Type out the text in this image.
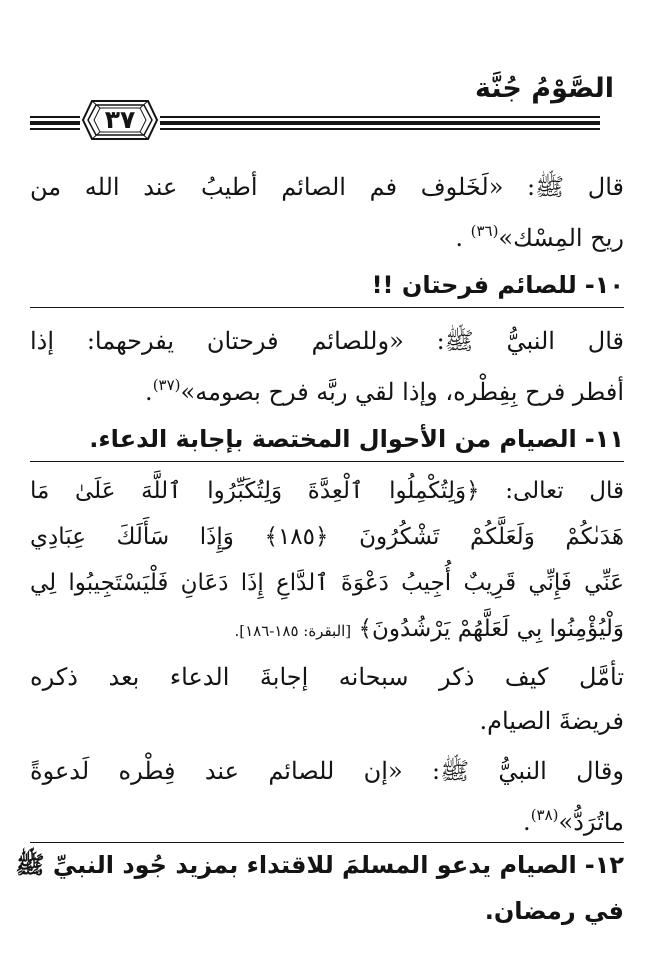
الصَّوْمُ جُنَّة
٣٧
قال ﷺ: «لَخَلوف فم الصائم أطيبُ عند الله من
ريح المِسْك»$^{(٣٦)}$ .
١٠-للصائم فرحتان !!
قال النبيُّ ﷺ: «وللصائم فرحتان يفرحهما: إذا
أفطر فرح بِفِطْره، وإذا لقي ربَّه فرح بصومه»$^{(٣٧)}$.
١١-الصيام من الأحوال المختصة بإجابة الدعاء.
قال تعالى: ﴿وَلِتُكْمِلُوا ٱلْعِدَّةَ وَلِتُكَبِّرُوا ٱللَّهَ عَلَىٰ مَا
هَدَىٰكُمْ وَلَعَلَّكُمْ تَشْكُرُونَ ﴿١٨٥﴾ وَإِذَا سَأَلَكَ عِبَادِي
عَنِّي فَإِنِّي قَرِيبٌ أُجِيبُ دَعْوَةَ ٱلدَّاعِ إِذَا دَعَانِ فَلْيَسْتَجِيبُوا لِي
وَلْيُؤْمِنُوا بِي لَعَلَّهُمْ يَرْشُدُونَ﴾ [البقرة: ١٨٥-١٨٦].
تأمَّل كيف ذكر سبحانه إجابةَ الدعاء بعد ذكره
فريضةَ الصيام.
وقال النبيُّ ﷺ: «إن للصائم عند فِطْره لَدعوةً
ماتُرَدُّ»$^{(٣٨)}$.
١٢-الصيام يدعو المسلمَ للاقتداء بمزيد جُود النبيِّ ﷺ
في رمضان.
